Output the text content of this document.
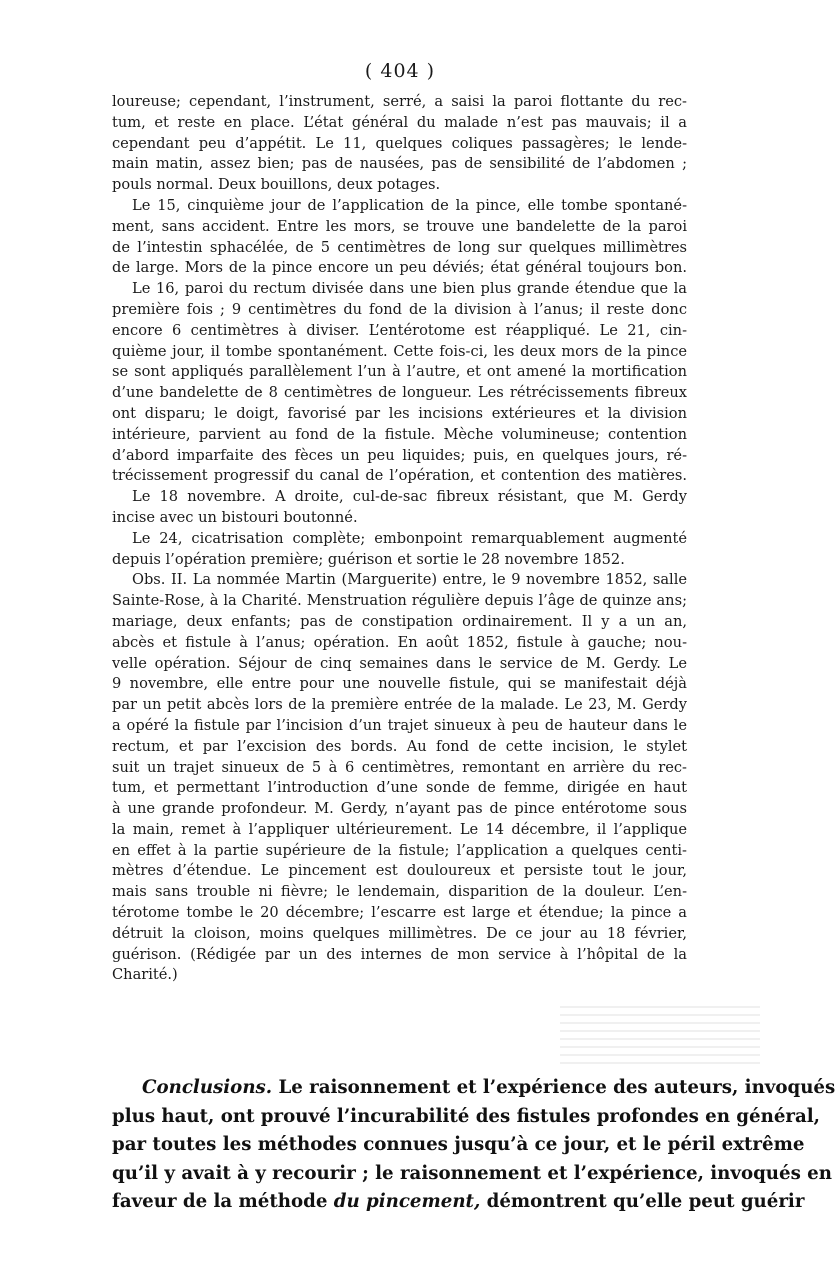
( 404 )
loureuse; cependant, l’instrument, serré, a saisi la paroi flottante du rec-
tum, et reste en place. L’état général du malade n’est pas mauvais; il a
cependant peu d’appétit. Le 11, quelques coliques passagères; le lende-
main matin, assez bien; pas de nausées, pas de sensibilité de l’abdomen ;
pouls normal. Deux bouillons, deux potages.
Le 15, cinquième jour de l’application de la pince, elle tombe spontané-
ment, sans accident. Entre les mors, se trouve une bandelette de la paroi
de l’intestin sphacélée, de 5 centimètres de long sur quelques millimètres
de large. Mors de la pince encore un peu déviés; état général toujours bon.
Le 16, paroi du rectum divisée dans une bien plus grande étendue que la
première fois ; 9 centimètres du fond de la division à l’anus; il reste donc
encore 6 centimètres à diviser. L’entérotome est réappliqué. Le 21, cin-
quième jour, il tombe spontanément. Cette fois-ci, les deux mors de la pince
se sont appliqués parallèlement l’un à l’autre, et ont amené la mortification
d’une bandelette de 8 centimètres de longueur. Les rétrécissements fibreux
ont disparu; le doigt, favorisé par les incisions extérieures et la division
intérieure, parvient au fond de la fistule. Mèche volumineuse; contention
d’abord imparfaite des fèces un peu liquides; puis, en quelques jours, ré-
trécissement progressif du canal de l’opération, et contention des matières.
Le 18 novembre. A droite, cul-de-sac fibreux résistant, que M. Gerdy
incise avec un bistouri boutonné.
Le 24, cicatrisation complète; embonpoint remarquablement augmenté
depuis l’opération première; guérison et sortie le 28 novembre 1852.
Obs. II. La nommée Martin (Marguerite) entre, le 9 novembre 1852, salle
Sainte-Rose, à la Charité. Menstruation régulière depuis l’âge de quinze ans;
mariage, deux enfants; pas de constipation ordinairement. Il y a un an,
abcès et fistule à l’anus; opération. En août 1852, fistule à gauche; nou-
velle opération. Séjour de cinq semaines dans le service de M. Gerdy. Le
9 novembre, elle entre pour une nouvelle fistule, qui se manifestait déjà
par un petit abcès lors de la première entrée de la malade. Le 23, M. Gerdy
a opéré la fistule par l’incision d’un trajet sinueux à peu de hauteur dans le
rectum, et par l’excision des bords. Au fond de cette incision, le stylet
suit un trajet sinueux de 5 à 6 centimètres, remontant en arrière du rec-
tum, et permettant l’introduction d’une sonde de femme, dirigée en haut
à une grande profondeur. M. Gerdy, n’ayant pas de pince entérotome sous
la main, remet à l’appliquer ultérieurement. Le 14 décembre, il l’applique
en effet à la partie supérieure de la fistule; l’application a quelques centi-
mètres d’étendue. Le pincement est douloureux et persiste tout le jour,
mais sans trouble ni fièvre; le lendemain, disparition de la douleur. L’en-
térotome tombe le 20 décembre; l’escarre est large et étendue; la pince a
détruit la cloison, moins quelques millimètres. De ce jour au 18 février,
guérison. (Rédigée par un des internes de mon service à l’hôpital de la
Charité.)
Conclusions. Le raisonnement et l’expérience des auteurs, invoqués
plus haut, ont prouvé l’incurabilité des fistules profondes en général,
par toutes les méthodes connues jusqu’à ce jour, et le péril extrême
qu’il y avait à y recourir ; le raisonnement et l’expérience, invoqués en
faveur de la méthode du pincement, démontrent qu’elle peut guérir
